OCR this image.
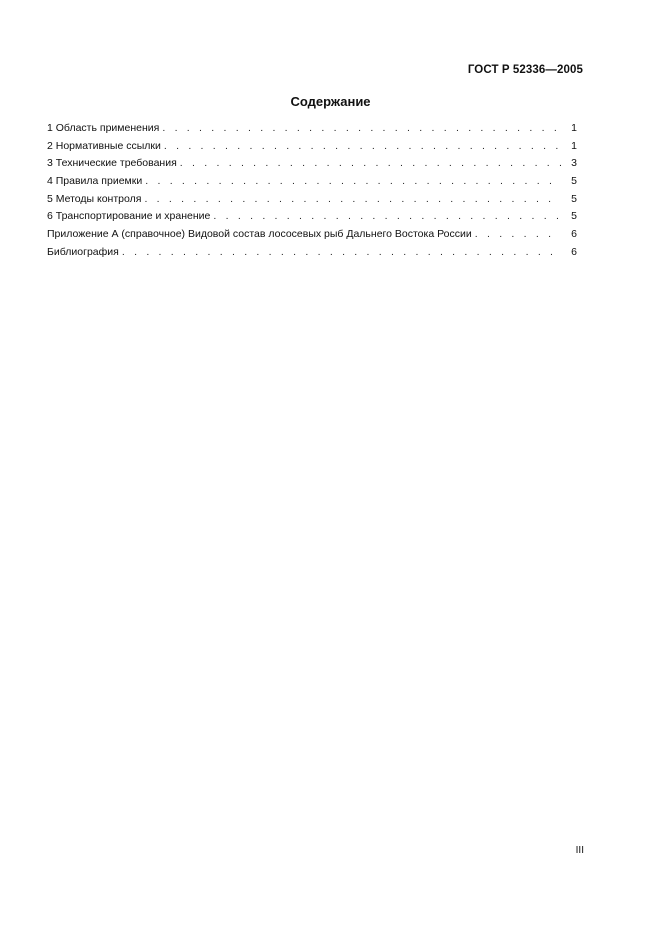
ГОСТ Р 52336—2005
Содержание
1 Область применения . . .	1
2 Нормативные ссылки . . .	1
3 Технические требования . . .	3
4 Правила приемки . . .	5
5 Методы контроля . . .	5
6 Транспортирование и хранение . . .	5
Приложение А (справочное) Видовой состав лососевых рыб Дальнего Востока России . . .	6
Библиография . . .	6
III
